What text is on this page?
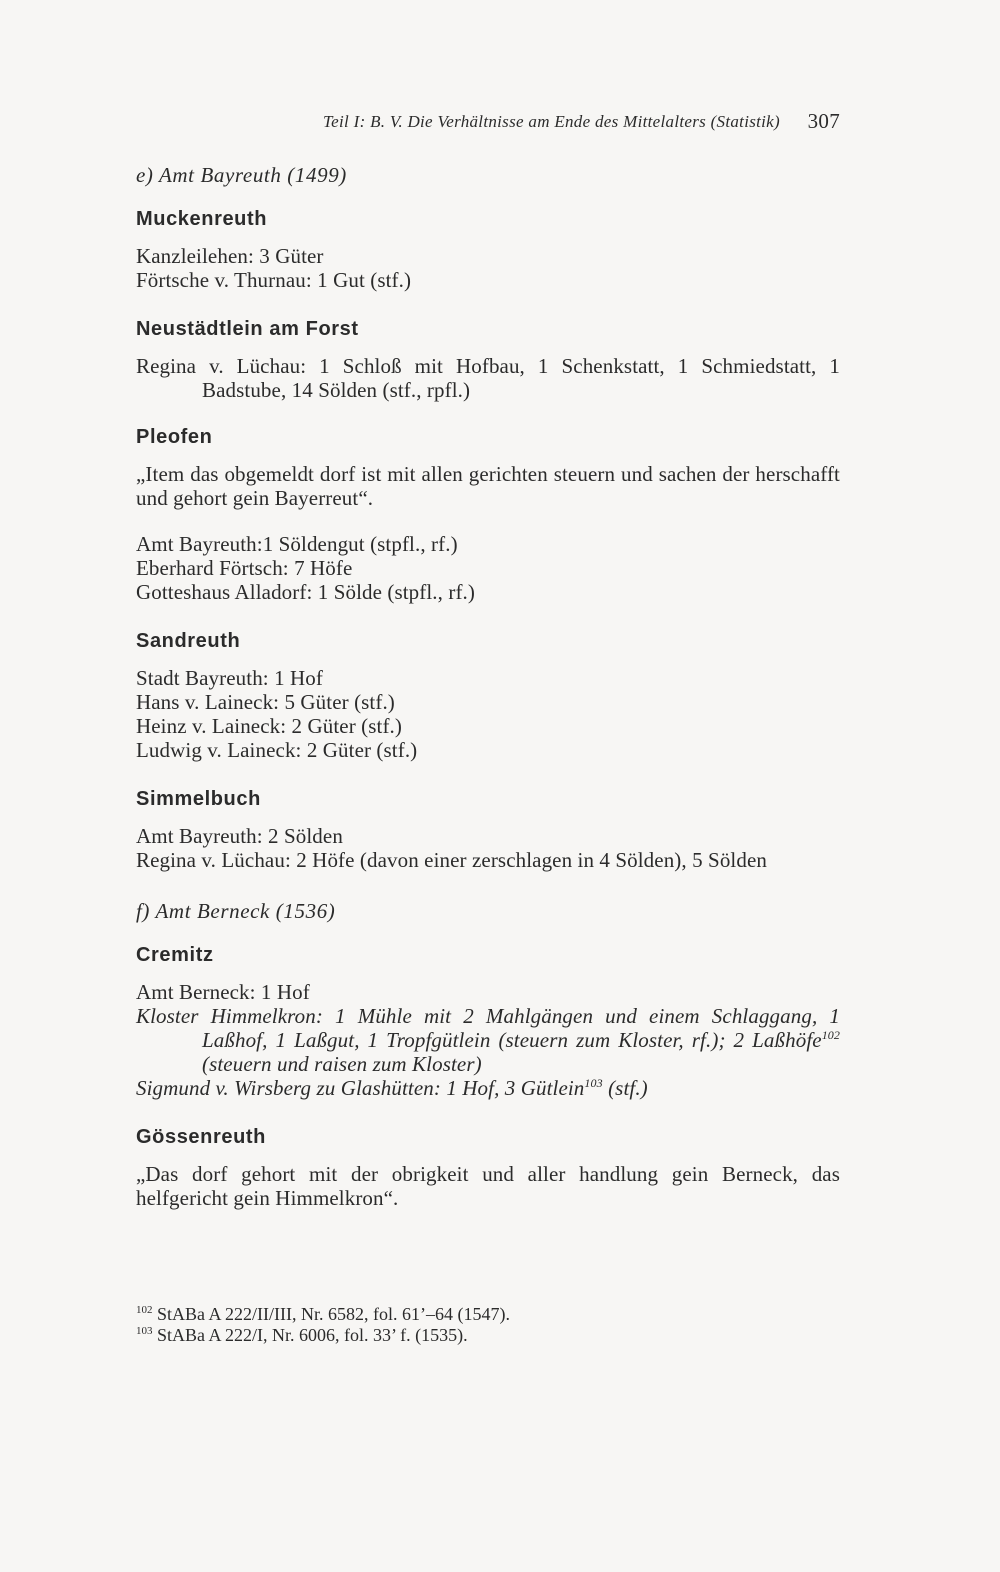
Teil I: B. V. Die Verhältnisse am Ende des Mittelalters (Statistik) 307
e) Amt Bayreuth (1499)
Muckenreuth
Kanzleilehen: 3 Güter
Förtsche v. Thurnau: 1 Gut (stf.)
Neustädtlein am Forst
Regina v. Lüchau: 1 Schloß mit Hofbau, 1 Schenkstatt, 1 Schmiedstatt, 1 Badstube, 14 Sölden (stf., rpfl.)
Pleofen
„Item das obgemeldt dorf ist mit allen gerichten steuern und sachen der herschafft und gehort gein Bayerreut“.
Amt Bayreuth:1 Söldengut (stpfl., rf.)
Eberhard Förtsch: 7 Höfe
Gotteshaus Alladorf: 1 Sölde (stpfl., rf.)
Sandreuth
Stadt Bayreuth: 1 Hof
Hans v. Laineck: 5 Güter (stf.)
Heinz v. Laineck: 2 Güter (stf.)
Ludwig v. Laineck: 2 Güter (stf.)
Simmelbuch
Amt Bayreuth: 2 Sölden
Regina v. Lüchau: 2 Höfe (davon einer zerschlagen in 4 Sölden), 5 Sölden
f) Amt Berneck (1536)
Cremitz
Amt Berneck: 1 Hof
Kloster Himmelkron: 1 Mühle mit 2 Mahlgängen und einem Schlaggang, 1 Laßhof, 1 Laßgut, 1 Tropfgütlein (steuern zum Kloster, rf.); 2 Laßhöfe$^{102}$ (steuern und raisen zum Kloster)
Sigmund v. Wirsberg zu Glashütten: 1 Hof, 3 Gütlein$^{103}$ (stf.)
Gössenreuth
„Das dorf gehort mit der obrigkeit und aller handlung gein Berneck, das helfgericht gein Himmelkron“.
$^{102}$ StABa A 222/II/III, Nr. 6582, fol. 61’–64 (1547).
$^{103}$ StABa A 222/I, Nr. 6006, fol. 33’ f. (1535).
